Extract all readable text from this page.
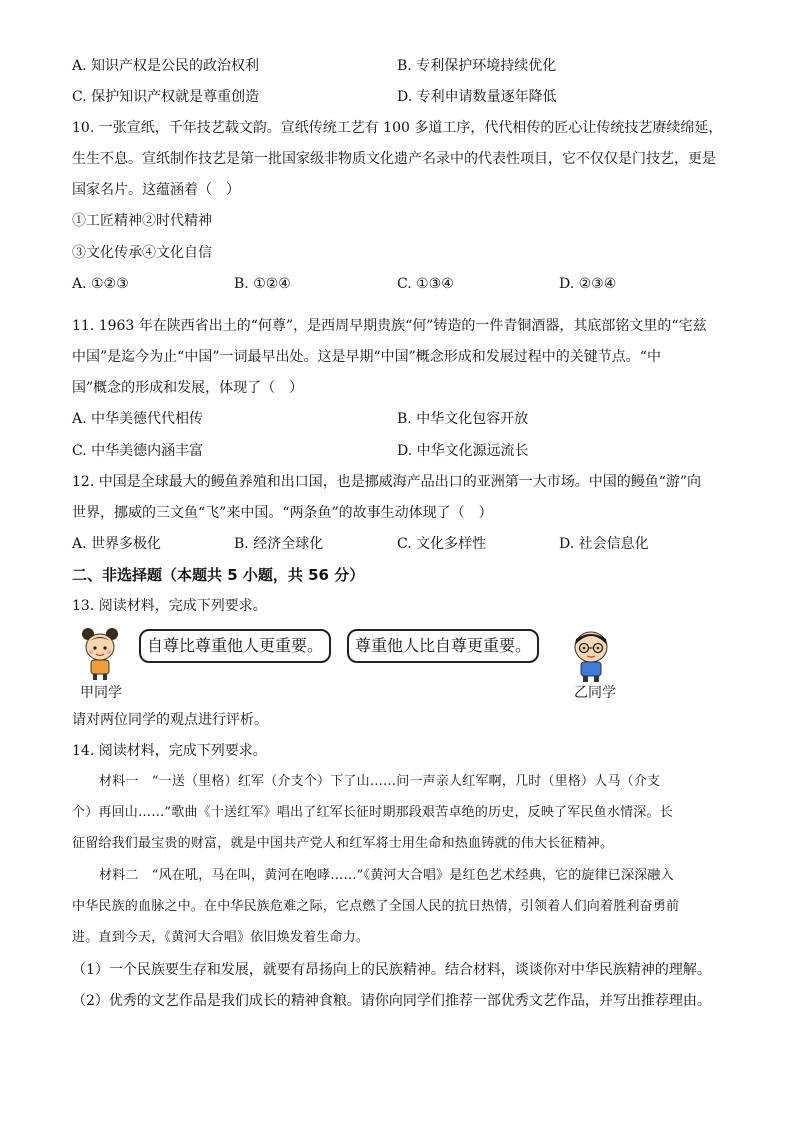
A. 知识产权是公民的政治权利	B. 专利保护环境持续优化
C. 保护知识产权就是尊重创造	D. 专利申请数量逐年降低
10. 一张宣纸，千年技艺载文韵。宣纸传统工艺有 100 多道工序，代代相传的匠心让传统技艺赓续绵延，
生生不息。宣纸制作技艺是第一批国家级非物质文化遗产名录中的代表性项目，它不仅仅是门技艺，更是
国家名片。这蕴涵着（　）
①工匠精神②时代精神
③文化传承④文化自信
A. ①②③	B. ①②④	C. ①③④	D. ②③④
11. 1963 年在陕西省出土的“何尊”，是西周早期贵族“何”铸造的一件青铜酒器，其底部铭文里的“宅兹
中国”是迄今为止“中国”一词最早出处。这是早期“中国”概念形成和发展过程中的关键节点。“中
国”概念的形成和发展，体现了（　）
A. 中华美德代代相传	B. 中华文化包容开放
C. 中华美德内涵丰富	D. 中华文化源远流长
12. 中国是全球最大的鳗鱼养殖和出口国，也是挪威海产品出口的亚洲第一大市场。中国的鳗鱼“游”向
世界，挪威的三文鱼“飞”来中国。“两条鱼”的故事生动体现了（　）
A. 世界多极化	B. 经济全球化	C. 文化多样性	D. 社会信息化
二、非选择题（本题共 5 小题，共 56 分）
13. 阅读材料，完成下列要求。
自尊比尊重他人更重要。	尊重他人比自尊更重要。
甲同学	乙同学
请对两位同学的观点进行评析。
14. 阅读材料，完成下列要求。
材料一　“一送（里格）红军（介支个）下了山……问一声亲人红军啊，几时（里格）人马（介支
个）再回山……”歌曲《十送红军》唱出了红军长征时期那段艰苦卓绝的历史，反映了军民鱼水情深。长
征留给我们最宝贵的财富，就是中国共产党人和红军将士用生命和热血铸就的伟大长征精神。
材料二　“风在吼，马在叫，黄河在咆哮……”《黄河大合唱》是红色艺术经典，它的旋律已深深融入
中华民族的血脉之中。在中华民族危难之际，它点燃了全国人民的抗日热情，引领着人们向着胜利奋勇前
进。直到今天，《黄河大合唱》依旧焕发着生命力。
（1）一个民族要生存和发展，就要有昂扬向上的民族精神。结合材料，谈谈你对中华民族精神的理解。
（2）优秀的文艺作品是我们成长的精神食粮。请你向同学们推荐一部优秀文艺作品，并写出推荐理由。
